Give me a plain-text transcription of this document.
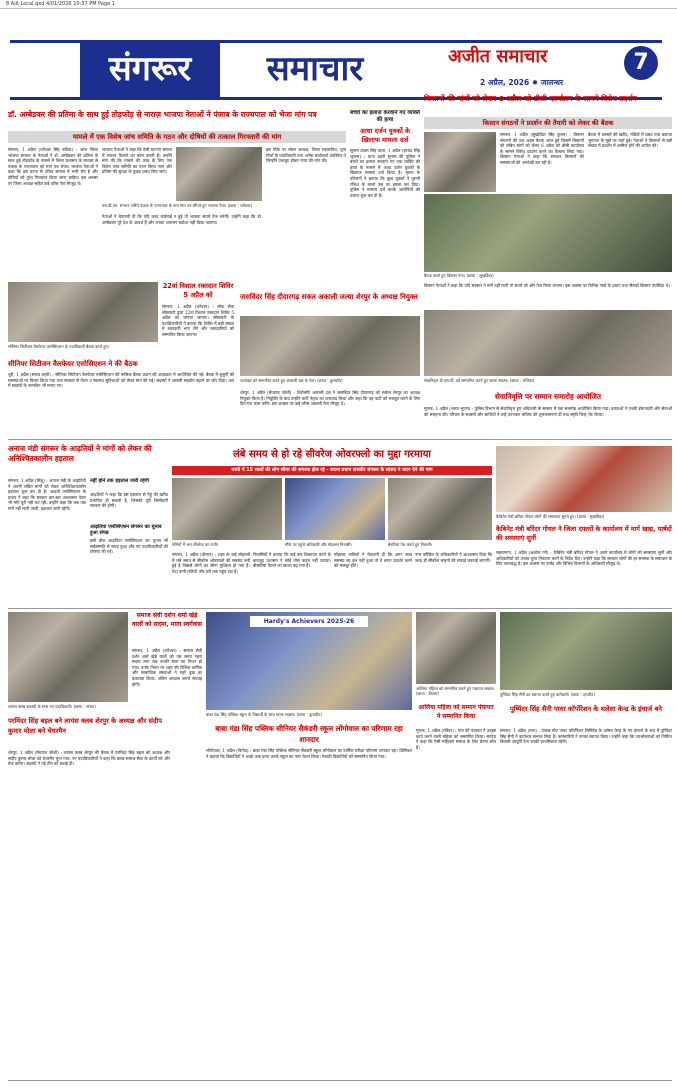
8 Ajit Local.qxd 4/01/2026 10:37 PM Page 1
संगरूर	समाचार	अजीत समाचार
2 अप्रैल, 2026 ✹ जालन्धर
7
डॉ. अम्बेडकर की प्रतिमा के साथ हुई तोड़फोड़ से नाराज़ भाजपा नेताओं ने पंजाब के राज्यपाल को भेजा मांग पत्र
मामले में एक विशेष जांच समिति के गठन और दोषियों की तत्काल गिरफ्तारी की मांग
संगरूर, 1 अप्रैल (धनेश्वर सिंह बठिंडा) : आज जिला भाजपा संगरूर के नेताओं ने डॉ. अम्बेडकर की प्रतिमा के साथ हुई तोड़फोड़ के मामले में जिला प्रशासन के माध्यम से पंजाब के राज्यपाल को मांग पत्र भेजा। भाजपा नेताओं ने कहा कि इस घटना से दलित समाज में भारी रोष है और दोषियों को तुरंत गिरफ्तार किया जाना चाहिए। इस अवसर पर जिला अध्यक्ष सहित कई वरिष्ठ नेता मौजूद थे।
भाजपा नेताओं ने कहा कि ऐसी घटनाएं समाज में नफरत फैलाने का काम करती हैं। उन्होंने मांग की कि मामले की जांच के लिए एक विशेष जांच समिति का गठन किया जाए और प्रतिमा की सुरक्षा के पुख्ता प्रबंध किए जाएं।
एस.डी.एम. संगरूर ज़रिये पंजाब के राज्यपाल के नाम मांग पत्र सौंपते हुए भाजपा नेता। (छाया : धनेश्वर)
नेताओं ने चेतावनी दी कि यदि जल्द कार्रवाई न हुई तो भाजपा संघर्ष तेज करेगी। उन्होंने कहा कि डॉ. अम्बेडकर पूरे देश के आदर्श हैं और उनका अपमान बर्दाश्त नहीं किया जाएगा।
इस मौके पर मंडल अध्यक्ष, जिला महासचिव, युवा मोर्चा के पदाधिकारी तथा अनेक कार्यकर्ता उपस्थित थे जिन्होंने एकजुट होकर न्याय की मांग की।
बच्चों का इलाज़ करवाने गए व्यक्ति की हत्या
आधा दर्जन युवकों के खिलाफ मामला दर्ज
सुनाम ऊधम सिंह वाला, 1 अप्रैल (हरचंद सिंह भुल्लर) : थाना शहरी सुनाम की पुलिस ने बच्चों का इलाज करवाने गए एक व्यक्ति की हत्या के मामले में आधा दर्जन युवकों के खिलाफ मामला दर्ज किया है। मृतक के परिजनों ने बताया कि कुछ युवकों ने पुरानी रंजिश के चलते उस पर हमला कर दिया। पुलिस ने मामला दर्ज करके आरोपियों की तलाश शुरू कर दी है।
किसानों की मांगों को लेकर 6 अप्रैल को डीसी कार्यालय के सामने विरोध प्रदर्शन
किसान संगठनों ने प्रदर्शन की तैयारी को लेकर की बैठक
संगरूर, 1 अप्रैल (सुखविंदर सिंह फुल्ल) : किसान संगठनों की एक अहम बैठक आज हुई जिसमें किसानों की लंबित मांगों को लेकर 6 अप्रैल को डीसी कार्यालय के सामने विरोध प्रदर्शन करने का फैसला लिया गया। किसान नेताओं ने कहा कि सरकार किसानों की समस्याओं की अनदेखी कर रही है।
बैठक में फसलों की खरीद, मंडियों में प्रबंध तथा बकाया भुगतान के मुद्दों पर चर्चा हुई। नेताओं ने किसानों से बड़ी संख्या में प्रदर्शन में शामिल होने की अपील की।
बैठक करते हुए किसान नेता। (छाया : सुखविंदर)
किसान नेताओं ने कहा कि यदि सरकार ने मांगें नहीं मानीं तो संघर्ष को और तेज किया जाएगा। इस अवसर पर विभिन्न गांवों के प्रधान तथा सैकड़ों किसान उपस्थित थे।
सीनियर सिटीजन वैलफेयर एसोसिएशन के पदाधिकारी बैठक करते हुए।
22वां विशाल रक्तदान शिविर 5 अप्रैल को
संगरूर, 1 अप्रैल (धनेश्वर) : लोक सेवा सोसायटी द्वारा 22वां विशाल रक्तदान शिविर 5 अप्रैल को लगाया जाएगा। सोसायटी के पदाधिकारियों ने बताया कि शिविर में बड़ी संख्या में रक्तदानी भाग लेंगे और रक्तदानियों को सम्मानित किया जाएगा।
सीनियर सिटीजन वैलफेयर एसोसिएशन ने की बैठक
धूरी, 1 अप्रैल (संजय लहरी) : सीनियर सिटीजन वैलफेयर एसोसिएशन की मासिक बैठक प्रधान की अध्यक्षता में आयोजित की गई। बैठक में बुजुर्गों की समस्याओं पर विचार किया गया तथा सरकार से पेंशन व स्वास्थ्य सुविधाओं को लेकर मांग की गई। सदस्यों ने आपसी सहयोग बढ़ाने पर जोर दिया। अंत में सदस्यों के जन्मदिन भी मनाए गए।
जसविंदर सिंह दीदारगढ़ सकत अकाली जत्था शेरपुर के अध्यक्ष नियुक्त
जत्थेदार को सम्मानित करते हुए अकाली दल के नेता। (छाया : कुलदीप)
शेरपुर, 1 अप्रैल (मेघराज जोशी) : शिरोमणि अकाली दल ने जसविंदर सिंह दीदारगढ़ को सर्कल शेरपुर का अध्यक्ष नियुक्त किया है। नियुक्ति के बाद उन्होंने पार्टी नेतृत्व का धन्यवाद किया और कहा कि वह पार्टी को मजबूत करने के लिए दिन-रात काम करेंगे। इस अवसर पर कई वरिष्ठ अकाली नेता मौजूद थे।
सेवानिवृत्त डी.एस.पी. को सम्मानित करते हुए स्टाफ सदस्य। (छाया : राजिंदर)
सेवानिवृत्ति पर सम्मान समारोह आयोजित
मूणक, 1 अप्रैल (भारत भूषण) : पुलिस विभाग से सेवानिवृत्त हुए अधिकारी के सम्मान में एक समारोह आयोजित किया गया। वक्ताओं ने उनकी ईमानदारी और सेवाओं की सराहना की। परिवार के सदस्यों और साथियों ने उन्हें उज्ज्वल भविष्य की शुभकामनाएं दीं तथा स्मृति चिन्ह भेंट किया।
अनाज मंडी संगरूर के आढ़तियों ने मांगों को लेकर की अनिश्चितकालीन हड़ताल
संगरूर, 1 अप्रैल (सिंधु) : अनाज मंडी के आढ़तियों ने अपनी लंबित मांगों को लेकर अनिश्चितकालीन हड़ताल शुरू कर दी है। आढ़ती एसोसिएशन के प्रधान ने कहा कि सरकार बार-बार आश्वासन देकर भी मांगें पूरी नहीं कर रही। उन्होंने कहा कि जब तक मांगें नहीं मानी जातीं, हड़ताल जारी रहेगी।
नहीं होने तक हड़ताल जारी रहेगी
आढ़तियों ने कहा कि इस हड़ताल से गेहूं की खरीद प्रभावित हो सकती है, जिसकी पूरी जिम्मेदारी सरकार की होगी।
आढ़तिया एसोसिएशन संगरूर का चुनाव हुआ संपन्न
इसी बीच आढ़तिया एसोसिएशन का चुनाव भी सर्वसम्मति से संपन्न हुआ और नए पदाधिकारियों की घोषणा की गई।
लंबे समय से हो रहे सीवरेज ओवरफ्लो का मुद्दा गरमाया
बस्ती में 15 सालों की लोग सीवर की समस्या झेल रहे - बचना प्रधान जसवीर संगरूर के सांसद ने ध्यान देने की मांग
गलियों में भरा सीवरेज का पानी।	मौके पर पहुंचे अधिकारी और मोहल्ला निवासी।	बेनतियां पेश करते हुए निवासी।
संगरूर, 1 अप्रैल (धीमान) : शहर के कई मोहल्लों में लंबे समय से सीवरेज ओवरफ्लो की समस्या बनी हुई है जिससे लोगों का जीना मुश्किल हो गया है। गंदा पानी गलियों और घरों तक पहुंच रहा है।
निवासियों ने बताया कि कई बार शिकायत करने के बावजूद प्रशासन ने कोई ठोस कदम नहीं उठाया। बीमारियां फैलने का खतरा बढ़ गया है।
मोहल्ला वासियों ने चेतावनी दी कि अगर जल्द समस्या का हल नहीं हुआ तो वे धरना प्रदर्शन करने को मजबूर होंगे।
नगर कौंसिल के अधिकारियों ने आश्वासन दिया कि जल्द ही सीवरेज लाइनों की सफाई करवाई जाएगी।
कैबिनेट मंत्री बरिंदर गोयल लोगों की समस्याएं सुनते हुए। (छाया : सुखविंदर)
कैबिनेट मंत्री बरिंदर गोयल ने जिला दफ्तरों के कार्यालय में मार्ग खाद्य, पार्षदों की समस्याएं सुनीं
लहरागागा, 1 अप्रैल (अशोक गर्ग) : कैबिनेट मंत्री बरिंदर गोयल ने अपने कार्यालय में लोगों की समस्याएं सुनीं और अधिकारियों को उनका तुरंत निपटारा करने के निर्देश दिए। उन्होंने कहा कि सरकार लोगों की हर समस्या के समाधान के लिए वचनबद्ध है। इस अवसर पर पार्षद और विभिन्न विभागों के अधिकारी मौजूद थे।
लायंस क्लब सदस्यों के साथ नए पदाधिकारी। (छाया : संजय)
परमिंदर सिंह बहल बने लायंस क्लब शेरपुर के अध्यक्ष और संदीप कुमार मोला बने चेयरमैन
शेरपुर, 1 अप्रैल (मेघराज जोशी) : लायंस क्लब शेरपुर की बैठक में परमिंदर सिंह बहल को अध्यक्ष और संदीप कुमार मोला को चेयरमैन चुना गया। नए पदाधिकारियों ने कहा कि क्लब समाज सेवा के कार्यों को और तेज करेगा। सदस्यों ने नई टीम को बधाई दी।
समाज सेवी दर्शन शर्मा खेड़े वालों को सदमा, माता स्वर्गवास
संगरूर, 1 अप्रैल (धनेश्वर) : समाज सेवी दर्शन शर्मा खेड़े वालों को उस समय गहरा सदमा लगा जब उनकी माता का निधन हो गया। उनके निधन पर शहर की विभिन्न धार्मिक और सामाजिक संस्थाओं ने गहरे दुख का प्रकटावा किया। अंतिम अरदास अगले सप्ताह होगी।
Hardy's Achievers 2025-26
बाबा गंडा सिंह पब्लिक स्कूल के विद्यार्थी के साथ स्टाफ सदस्य। (छाया : कुलदीप)
बाबा गंडा सिंह पब्लिक सीनियर सैकंडरी स्कूल लोंगोवाल का परिणाम रहा शानदार
लोंगोवाल, 1 अप्रैल (विनोद) : बाबा गंडा सिंह पब्लिक सीनियर सैकंडरी स्कूल लोंगोवाल का वार्षिक परीक्षा परिणाम शानदार रहा। प्रिंसिपल ने बताया कि विद्यार्थियों ने अच्छे अंक प्राप्त करके स्कूल का नाम रोशन किया। मेधावी विद्यार्थियों को सम्मानित किया गया।
आलिया महिला को सम्मानित करते हुए पंचायत सदस्य। (छाया : विजय)
आलिया महिला को सम्मान पंचायत ने सम्मानित किया
मूणक, 1 अप्रैल (रविंदर) : गांव की पंचायत ने उत्कृष्ट कार्य करने वाली महिला को सम्मानित किया। सरपंच ने कहा कि ऐसी महिलाएं समाज के लिए प्रेरणा स्रोत हैं।
पुष्पिंदर सिंह सैनी का स्वागत करते हुए कर्मचारी। (छाया : हरजीत)
पुष्पिंदर सिंह सैनी पावर कॉर्पोरेशन के थलेसा केन्द्र के इंचार्ज बने
संगरूर, 1 अप्रैल (मान) : पंजाब स्टेट पावर कॉर्पोरेशन लिमिटेड के थलेसा केन्द्र के नए इंचार्ज के रूप में पुष्पिंदर सिंह सैनी ने कार्यभार संभाल लिया है। कर्मचारियों ने उनका स्वागत किया। उन्होंने कहा कि उपभोक्ताओं को निर्विघ्न बिजली आपूर्ति देना उनकी प्राथमिकता रहेगी।
